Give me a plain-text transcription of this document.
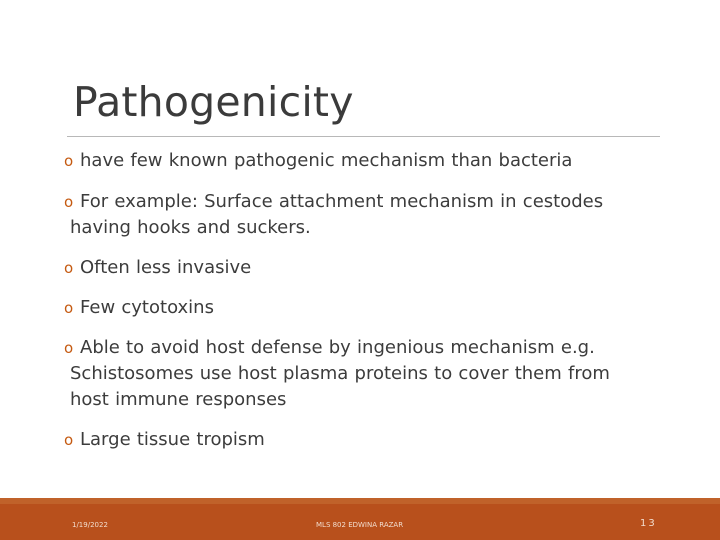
Pathogenicity
o have few known pathogenic mechanism than bacteria
o For example: Surface attachment mechanism in cestodes
having hooks and suckers.
o Often less invasive
o Few cytotoxins
o Able to avoid host defense by ingenious mechanism e.g.
Schistosomes use host plasma proteins to cover them from
host immune responses
o Large tissue tropism
1/19/2022	MLS 802 EDWINA RAZAR	13
